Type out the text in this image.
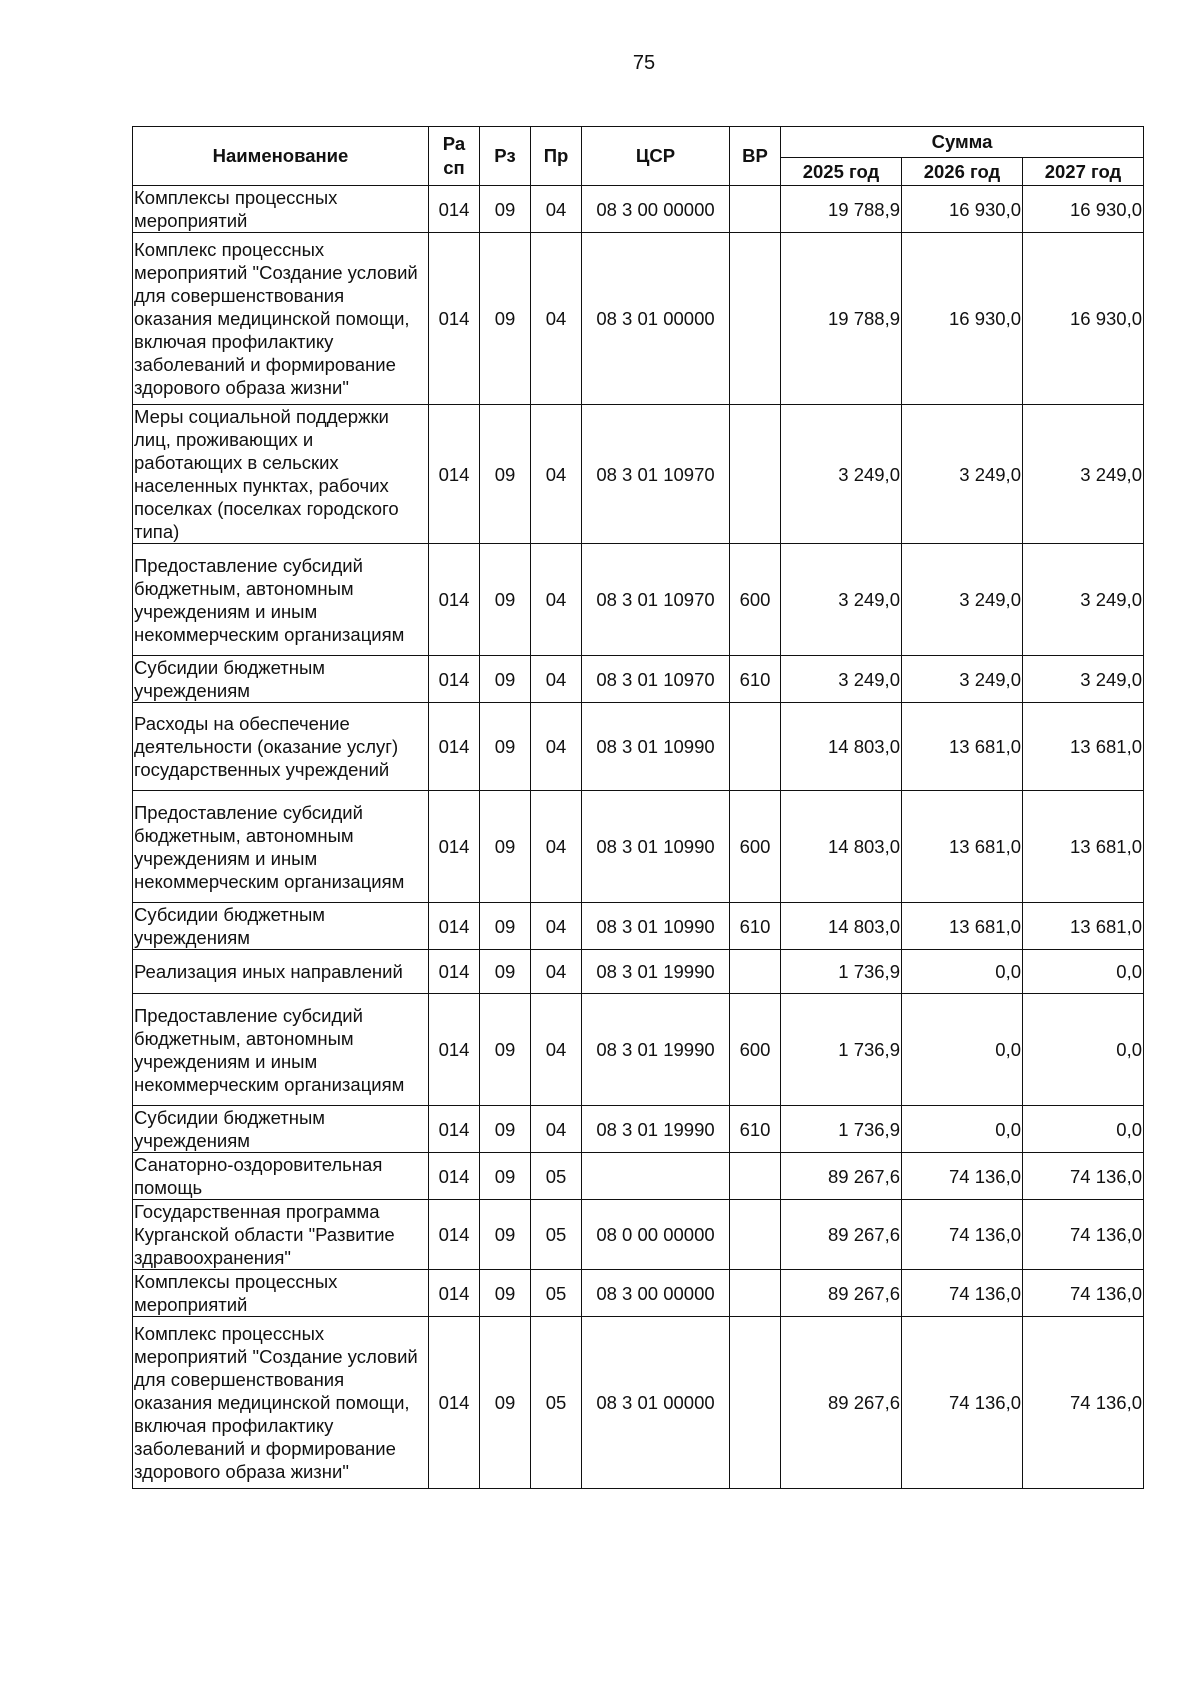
75
Наименование	Ра сп	Рз	Пр	ЦСР	ВР	Сумма		
						2025 год	2026 год	2027 год
Комплексы процессных мероприятий	014	09	04	08 3 00 00000		19 788,9	16 930,0	16 930,0
Комплекс процессных мероприятий "Создание условий для совершенствования оказания медицинской помощи, включая профилактику заболеваний и формирование здорового образа жизни"	014	09	04	08 3 01 00000		19 788,9	16 930,0	16 930,0
Меры социальной поддержки лиц, проживающих и работающих в сельских населенных пунктах, рабочих поселках (поселках городского типа)	014	09	04	08 3 01 10970		3 249,0	3 249,0	3 249,0
Предоставление субсидий бюджетным, автономным учреждениям и иным некоммерческим организациям	014	09	04	08 3 01 10970	600	3 249,0	3 249,0	3 249,0
Субсидии бюджетным учреждениям	014	09	04	08 3 01 10970	610	3 249,0	3 249,0	3 249,0
Расходы на обеспечение деятельности (оказание услуг) государственных учреждений	014	09	04	08 3 01 10990		14 803,0	13 681,0	13 681,0
Предоставление субсидий бюджетным, автономным учреждениям и иным некоммерческим организациям	014	09	04	08 3 01 10990	600	14 803,0	13 681,0	13 681,0
Субсидии бюджетным учреждениям	014	09	04	08 3 01 10990	610	14 803,0	13 681,0	13 681,0
Реализация иных направлений	014	09	04	08 3 01 19990		1 736,9	0,0	0,0
Предоставление субсидий бюджетным, автономным учреждениям и иным некоммерческим организациям	014	09	04	08 3 01 19990	600	1 736,9	0,0	0,0
Субсидии бюджетным учреждениям	014	09	04	08 3 01 19990	610	1 736,9	0,0	0,0
Санаторно-оздоровительная помощь	014	09	05			89 267,6	74 136,0	74 136,0
Государственная программа Курганской области "Развитие здравоохранения"	014	09	05	08 0 00 00000		89 267,6	74 136,0	74 136,0
Комплексы процессных мероприятий	014	09	05	08 3 00 00000		89 267,6	74 136,0	74 136,0
Комплекс процессных мероприятий "Создание условий для совершенствования оказания медицинской помощи, включая профилактику заболеваний и формирование здорового образа жизни"	014	09	05	08 3 01 00000		89 267,6	74 136,0	74 136,0
